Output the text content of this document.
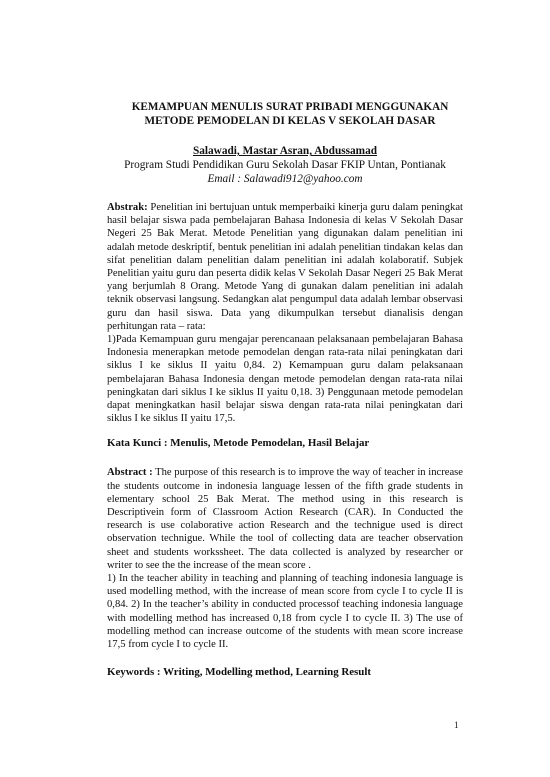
KEMAMPUAN MENULIS SURAT PRIBADI MENGGUNAKAN
METODE PEMODELAN DI KELAS V SEKOLAH DASAR
Salawadi, Mastar Asran, Abdussamad
Program Studi Pendidikan Guru Sekolah Dasar FKIP Untan, Pontianak
Email : Salawadi912@yahoo.com

Abstrak: Penelitian ini bertujuan untuk memperbaiki kinerja guru dalam peningkat hasil belajar siswa pada pembelajaran Bahasa Indonesia di kelas V Sekolah Dasar Negeri 25 Bak Merat. Metode Penelitian yang digunakan dalam penelitian ini adalah metode deskriptif, bentuk penelitian ini adalah penelitian tindakan kelas dan sifat penelitian dalam penelitian dalam penelitian ini adalah kolaboratif. Subjek Penelitian yaitu guru dan peserta didik kelas V Sekolah Dasar Negeri 25 Bak Merat yang berjumlah 8 Orang. Metode Yang di gunakan dalam penelitian ini adalah teknik observasi langsung. Sedangkan alat pengumpul data adalah lembar observasi guru dan hasil siswa. Data yang dikumpulkan tersebut dianalisis dengan perhitungan rata – rata:

1)Pada Kemampuan guru mengajar perencanaan pelaksanaan pembelajaran Bahasa Indonesia menerapkan metode pemodelan dengan rata-rata nilai peningkatan dari siklus I ke siklus II yaitu 0,84. 2) Kemampuan guru dalam pelaksanaan pembelajaran Bahasa Indonesia dengan metode pemodelan dengan rata-rata nilai peningkatan dari siklus I ke siklus II yaitu 0,18. 3) Penggunaan metode pemodelan dapat meningkatkan hasil belajar siswa dengan rata-rata nilai peningkatan dari siklus I ke siklus II yaitu 17,5.

Kata Kunci : Menulis, Metode Pemodelan, Hasil Belajar

Abstract : The purpose of this research is to improve the way of teacher in increase the students outcome in indonesia language lessen of the fifth grade students in elementary school 25 Bak Merat. The method using in this research is Descriptivein form of Classroom Action Research (CAR). In Conducted the research is use colaborative action Research and the technigue used is direct observation technigue. While the tool of collecting data are teacher observation sheet and students workssheet. The data collected is analyzed by researcher or writer to see the the increase of the mean score .

1) In the teacher ability in teaching and planning of teaching indonesia language is used modelling method, with the increase of mean score from cycle I to cycle II is 0,84. 2) In the teacher’s ability in conducted processof teaching indonesia language with modelling method has increased 0,18 from cycle I to cycle II. 3) The use of modelling method can increase outcome of the students with mean score increase 17,5 from cycle I to cycle II.

Keywords : Writing, Modelling method, Learning Result

1
